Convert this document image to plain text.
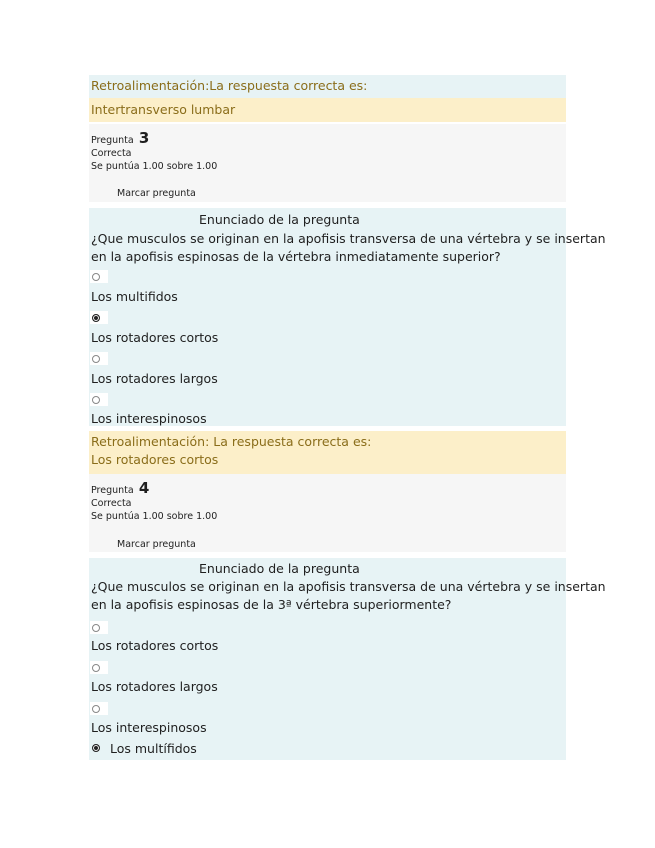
Retroalimentación:La respuesta correcta es:
Intertransverso lumbar
Pregunta 3
Correcta
Se puntúa 1.00 sobre 1.00
Marcar pregunta
Enunciado de la pregunta
¿Que musculos se originan en la apofisis transversa de una vértebra y se insertan
en la apofisis espinosas de la vértebra inmediatamente superior?
Los multifidos
Los rotadores cortos
Los rotadores largos
Los interespinosos
Retroalimentación: La respuesta correcta es:
Los rotadores cortos
Pregunta 4
Correcta
Se puntúa 1.00 sobre 1.00
Marcar pregunta
Enunciado de la pregunta
¿Que musculos se originan en la apofisis transversa de una vértebra y se insertan
en la apofisis espinosas de la 3ª vértebra superiormente?
Los rotadores cortos
Los rotadores largos
Los interespinosos
Los multífidos
